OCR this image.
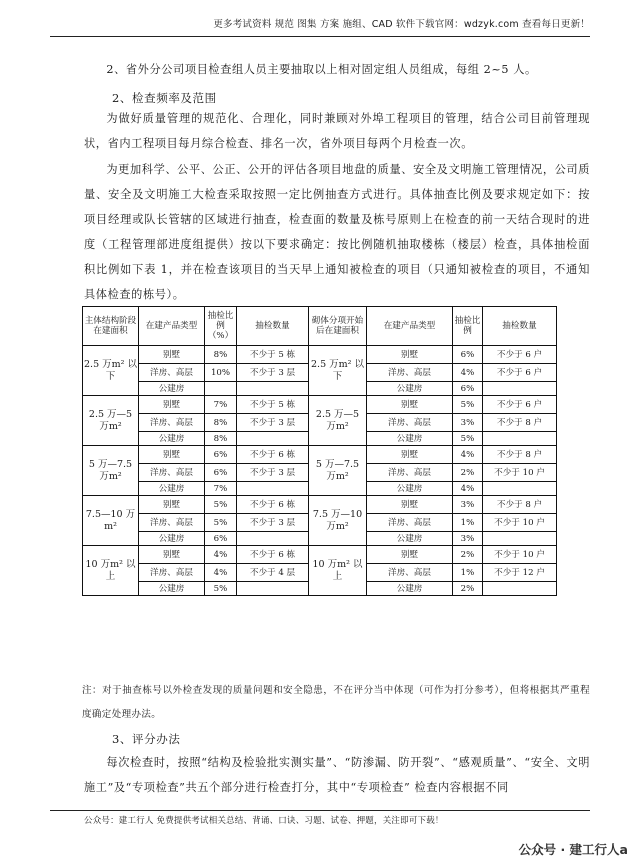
更多考试资料 规范 图集 方案 施组、CAD 软件下载官网：wdzyk.com 查看每日更新！
2、省外分公司项目检查组人员主要抽取以上相对固定组人员组成，每组 2~5 人。
2、检查频率及范围
为做好质量管理的规范化、合理化，同时兼顾对外埠工程项目的管理，结合公司目前管理现状，省内工程项目每月综合检查、排名一次，省外项目每两个月检查一次。
为更加科学、公平、公正、公开的评估各项目地盘的质量、安全及文明施工管理情况，公司质量、安全及文明施工大检查采取按照一定比例抽查方式进行。具体抽查比例及要求规定如下：按项目经理或队长管辖的区域进行抽查，检查面的数量及栋号原则上在检查的前一天结合现时的进度（工程管理部进度组提供）按以下要求确定：按比例随机抽取楼栋（楼层）检查，具体抽检面积比例如下表 1，并在检查该项目的当天早上通知被检查的项目（只通知被检查的项目，不通知具体检查的栋号）。
主体结构阶段在建面积	在建产品类型	抽检比例（%）	抽检数量	砌体分项开始后在建面积	在建产品类型	抽检比例	抽检数量
2.5 万m² 以下	别墅	8%	不少于 5 栋	2.5 万m² 以下	别墅	6%	不少于 6 户
	洋房、高层	10%	不少于 3 层		洋房、高层	4%	不少于 6 户
	公建房				公建房	6%	
2.5 万—5 万m²	别墅	7%	不少于 5 栋	2.5 万—5 万m²	别墅	5%	不少于 6 户
	洋房、高层	8%	不少于 3 层		洋房、高层	3%	不少于 8 户
	公建房	8%			公建房	5%	
5 万—7.5 万m²	别墅	6%	不少于 6 栋	5 万—7.5 万m²	别墅	4%	不少于 8 户
	洋房、高层	6%	不少于 3 层		洋房、高层	2%	不少于 10 户
	公建房	7%			公建房	4%	
7.5—10 万m²	别墅	5%	不少于 6 栋	7.5 万—10 万m²	别墅	3%	不少于 8 户
	洋房、高层	5%	不少于 3 层		洋房、高层	1%	不少于 10 户
	公建房	6%			公建房	3%	
10 万m² 以上	别墅	4%	不少于 6 栋	10 万m² 以上	别墅	2%	不少于 10 户
	洋房、高层	4%	不少于 4 层		洋房、高层	1%	不少于 12 户
	公建房	5%			公建房	2%	
注：对于抽查栋号以外检查发现的质量问题和安全隐患，不在评分当中体现（可作为打分参考），但将根据其严重程度确定处理办法。
3、评分办法
每次检查时，按照“结构及检验批实测实量”、“防渗漏、防开裂”、“感观质量”、“安全、文明施工”及“专项检查”共五个部分进行检查打分，其中“专项检查” 检查内容根据不同
公众号：建工行人 免费提供考试相关总结、背诵、口诀、习题、试卷、押题，关注即可下载！
公众号 · 建工行人a
